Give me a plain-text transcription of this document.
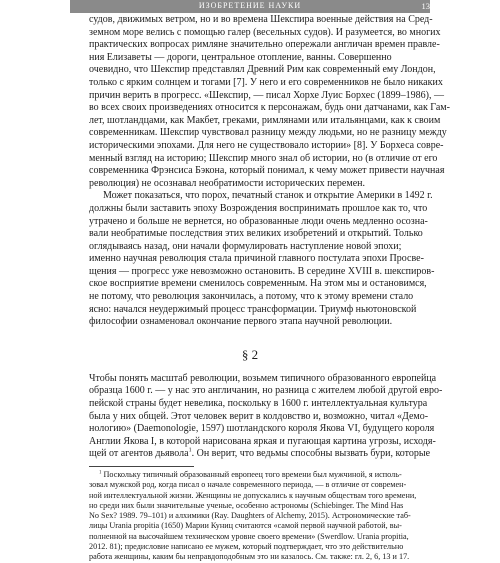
ИЗОБРЕТЕНИЕ НАУКИ	13
судов, движимых ветром, но и во времена Шекспира военные действия на Сред-
земном море велись с помощью галер (весельных судов). И разумеется, во многих
практических вопросах римляне значительно опережали англичан времен правле-
ния Елизаветы — дороги, центральное отопление, ванны. Совершенно
очевидно, что Шекспир представлял Древний Рим как современный ему Лондон,
только с ярким солнцем и тогами [7]. У него и его современников не было никаких
причин верить в прогресс. «Шекспир, — писал Хорхе Луис Борхес (1899–1986), —
во всех своих произведениях относится к персонажам, будь они датчанами, как Гам-
лет, шотландцами, как Макбет, греками, римлянами или итальянцами, как к своим
современникам. Шекспир чувствовал разницу между людьми, но не разницу между
историческими эпохами. Для него не существовало истории» [8]. У Борхеса совре-
менный взгляд на историю; Шекспир много знал об истории, но (в отличие от его
современника Фрэнсиса Бэкона, который понимал, к чему может привести научная
революция) не осознавал необратимости исторических перемен.
Может показаться, что порох, печатный станок и открытие Америки в 1492 г.
должны были заставить эпоху Возрождения воспринимать прошлое как то, что
утрачено и больше не вернется, но образованные люди очень медленно осозна-
вали необратимые последствия этих великих изобретений и открытий. Только
оглядываясь назад, они начали формулировать наступление новой эпохи;
именно научная революция стала причиной главного постулата эпохи Просве-
щения — прогресс уже невозможно остановить. В середине XVIII в. шекспиров-
ское восприятие времени сменилось современным. На этом мы и остановимся,
не потому, что революция закончилась, а потому, что к этому времени стало
ясно: начался неудержимый процесс трансформации. Триумф ньютоновской
философии ознаменовал окончание первого этапа научной революции.
§ 2
Чтобы понять масштаб революции, возьмем типичного образованного европейца
образца 1600 г. — у нас это англичанин, но разница с жителем любой другой евро-
пейской страны будет невелика, поскольку в 1600 г. интеллектуальная культура
была у них общей. Этот человек верит в колдовство и, возможно, читал «Демо-
нологию» (Daemonologie, 1597) шотландского короля Якова VI, будущего короля
Англии Якова I, в которой нарисована яркая и пугающая картина угрозы, исходя-
щей от агентов дьявола$^1$. Он верит, что ведьмы способны вызвать бури, которые
$^1$ Поскольку типичный образованный европеец того времени был мужчиной, я исполь-
зовал мужской род, когда писал о начале современного периода, — в отличие от современ-
ной интеллектуальной жизни. Женщины не допускались к научным обществам того времени,
но среди них были значительные ученые, особенно астрономы (Schiebinger. The Mind Has
No Sex? 1989. 79–101) и алхимики (Ray. Daughters of Alchemy, 2015). Астрономические таб-
лицы Urania propitia (1650) Марии Куниц считаются «самой первой научной работой, вы-
полненной на высочайшем техническом уровне своего времени» (Swerdlow. Urania propitia,
2012. 81); предисловие написано ее мужем, который подтверждает, что это действительно
работа женщины, каким бы неправдоподобным это ни казалось. См. также: гл. 2, 6, 13 и 17.
